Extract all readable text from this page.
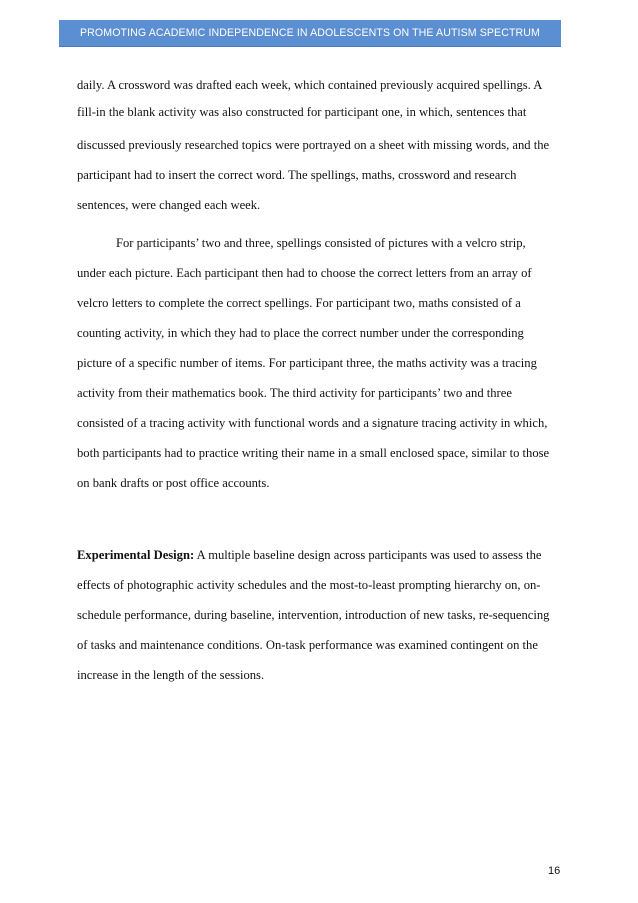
PROMOTING ACADEMIC INDEPENDENCE IN ADOLESCENTS ON THE AUTISM SPECTRUM
daily. A crossword was drafted each week, which contained previously acquired spellings. A
fill-in the blank activity was also constructed for participant one, in which, sentences that
discussed previously researched topics were portrayed on a sheet with missing words, and the
participant had to insert the correct word. The spellings, maths, crossword and research
sentences, were changed each week.
For participants’ two and three, spellings consisted of pictures with a velcro strip,
under each picture. Each participant then had to choose the correct letters from an array of
velcro letters to complete the correct spellings. For participant two, maths consisted of a
counting activity, in which they had to place the correct number under the corresponding
picture of a specific number of items. For participant three, the maths activity was a tracing
activity from their mathematics book. The third activity for participants’ two and three
consisted of a tracing activity with functional words and a signature tracing activity in which,
both participants had to practice writing their name in a small enclosed space, similar to those
on bank drafts or post office accounts.
Experimental Design: A multiple baseline design across participants was used to assess the
effects of photographic activity schedules and the most-to-least prompting hierarchy on, on-
schedule performance, during baseline, intervention, introduction of new tasks, re-sequencing
of tasks and maintenance conditions. On-task performance was examined contingent on the
increase in the length of the sessions.
16
